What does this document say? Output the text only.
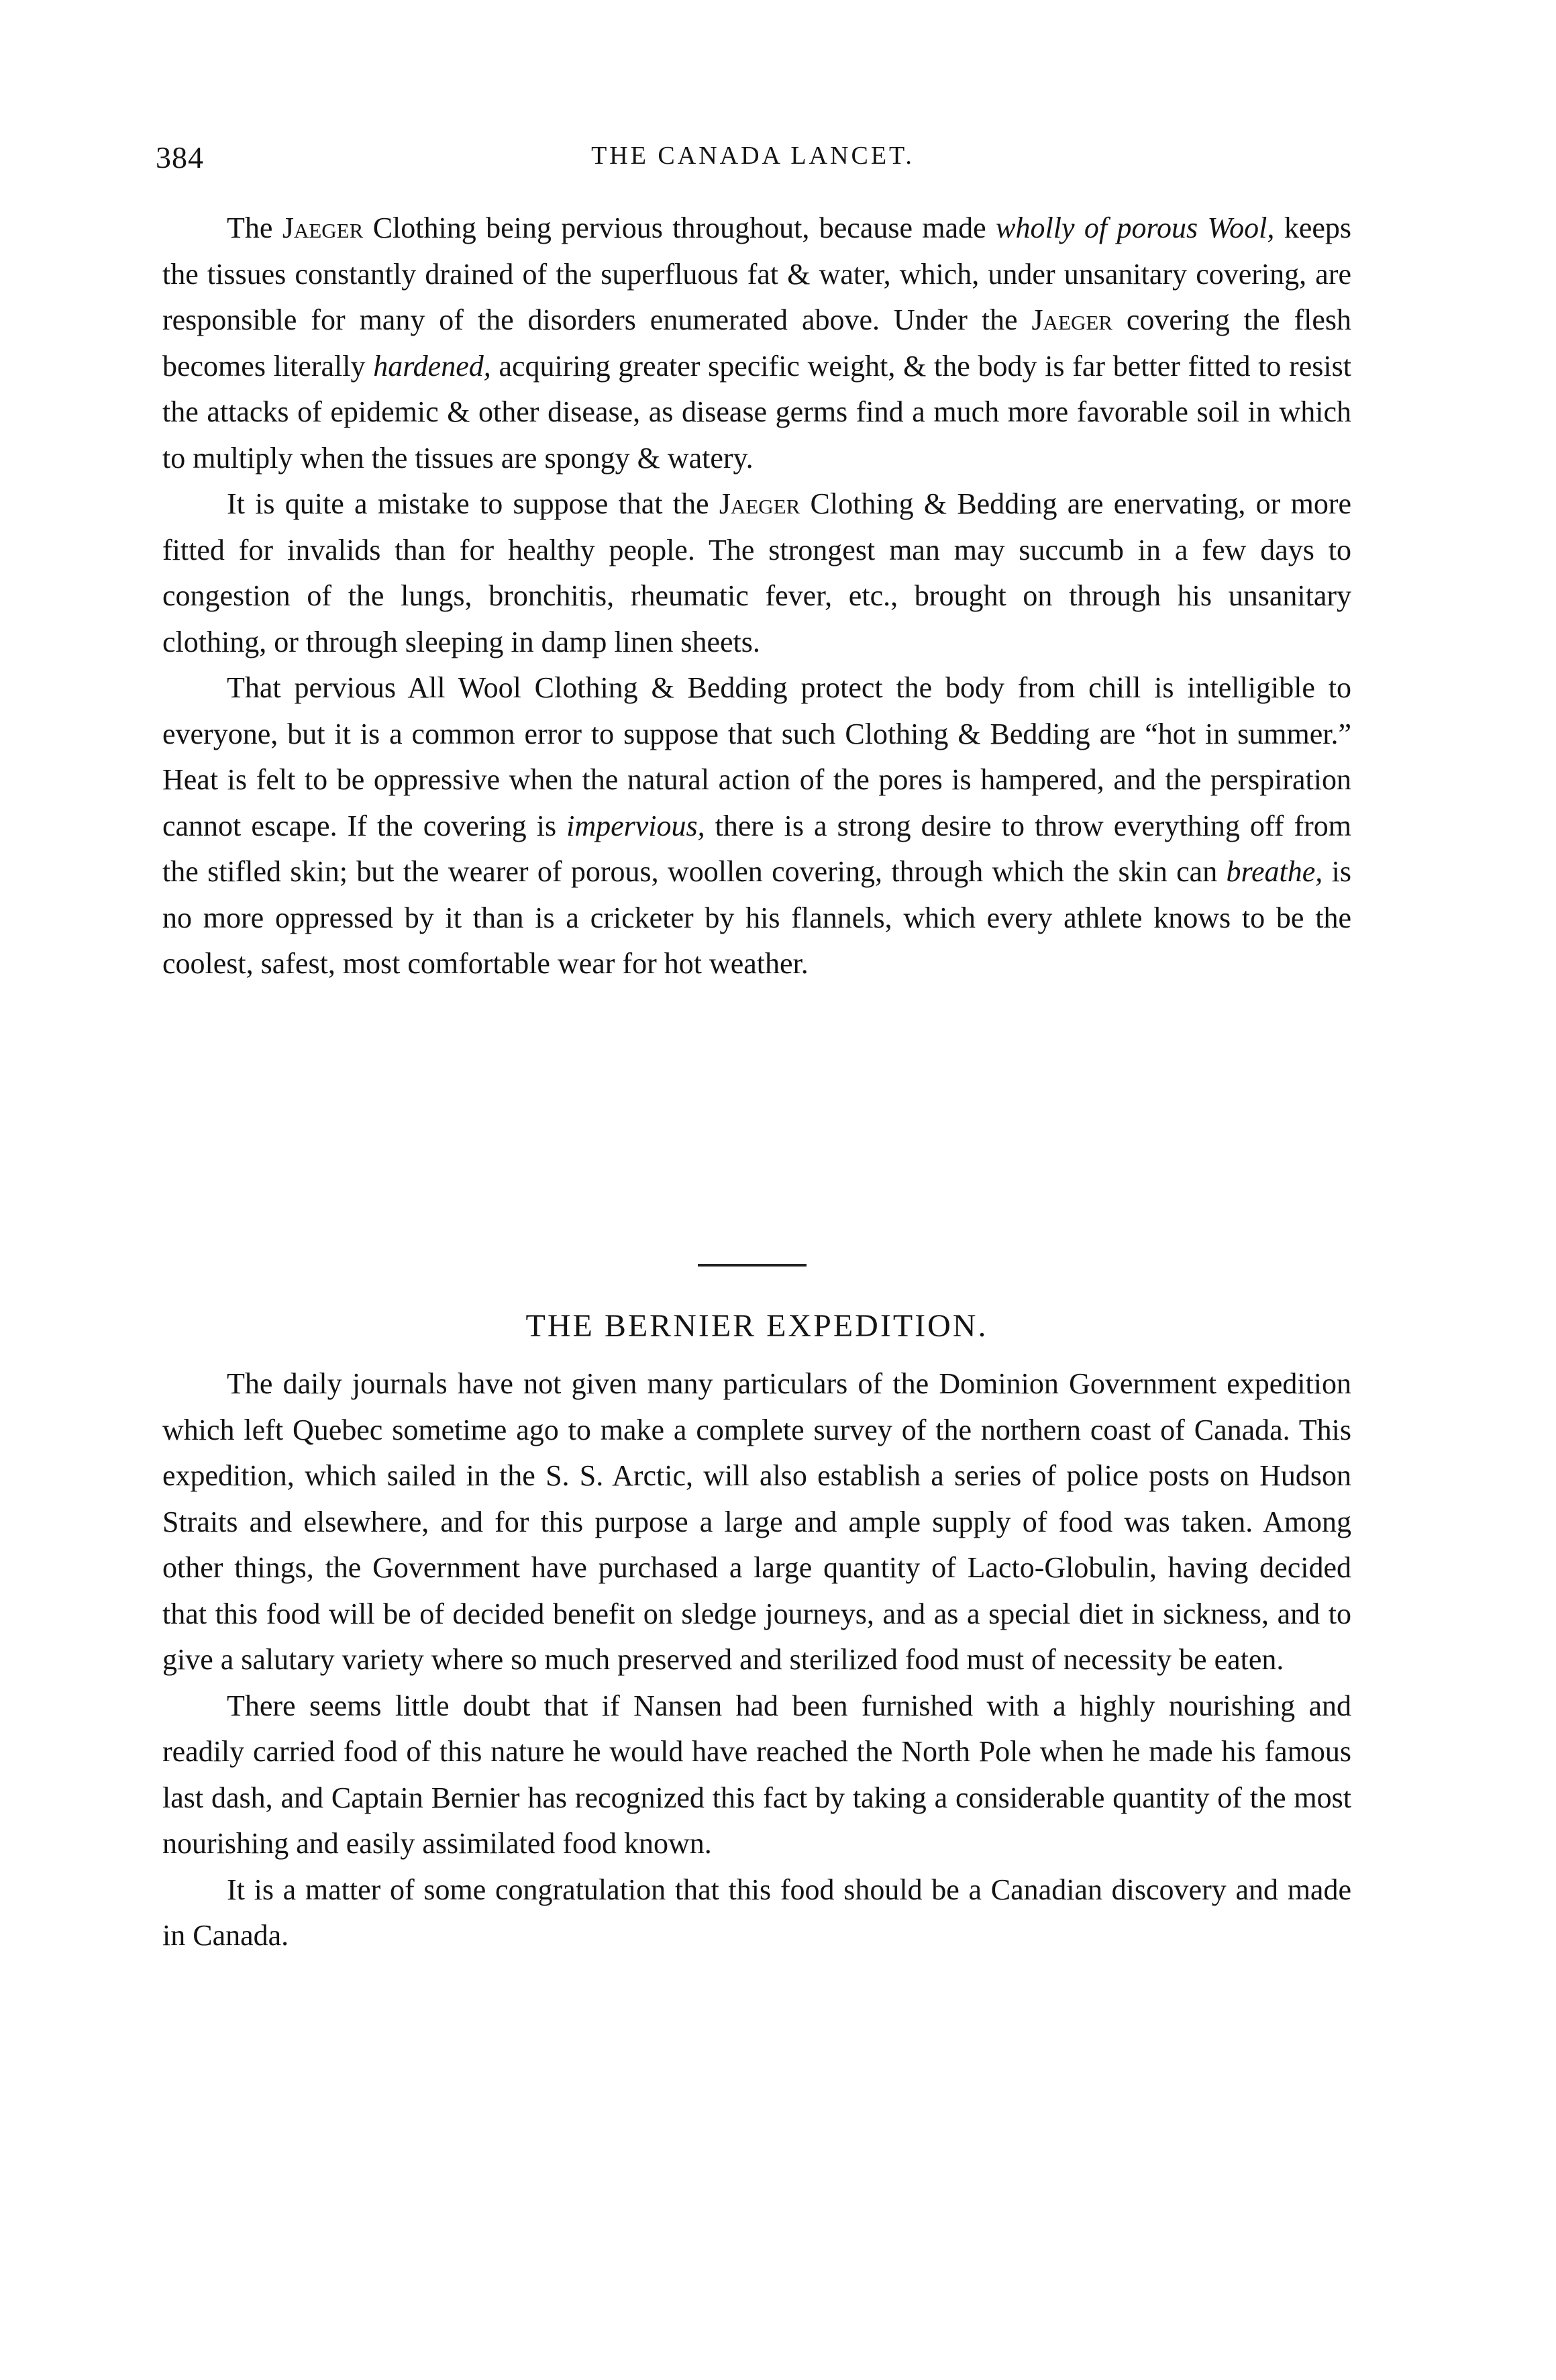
384	THE CANADA LANCET.

The Jaeger Clothing being pervious throughout, because made wholly of porous Wool, keeps the tissues constantly drained of the superfluous fat & water, which, under unsanitary covering, are responsible for many of the disorders enumerated above. Under the Jaeger covering the flesh becomes literally hardened, acquiring greater specific weight, & the body is far better fitted to resist the attacks of epidemic & other disease, as disease germs find a much more favorable soil in which to multiply when the tissues are spongy & watery.

It is quite a mistake to suppose that the Jaeger Clothing & Bedding are enervating, or more fitted for invalids than for healthy people. The strongest man may succumb in a few days to congestion of the lungs, bronchitis, rheumatic fever, etc., brought on through his unsanitary clothing, or through sleeping in damp linen sheets.

That pervious All Wool Clothing & Bedding protect the body from chill is intelligible to everyone, but it is a common error to suppose that such Clothing & Bedding are “hot in summer.” Heat is felt to be oppressive when the natural action of the pores is hampered, and the perspiration cannot escape. If the covering is impervious, there is a strong desire to throw everything off from the stifled skin; but the wearer of porous, woollen covering, through which the skin can breathe, is no more oppressed by it than is a cricketer by his flannels, which every athlete knows to be the coolest, safest, most comfortable wear for hot weather.

THE BERNIER EXPEDITION.

The daily journals have not given many particulars of the Dominion Government expedition which left Quebec sometime ago to make a complete survey of the northern coast of Canada. This expedition, which sailed in the S. S. Arctic, will also establish a series of police posts on Hudson Straits and elsewhere, and for this purpose a large and ample supply of food was taken. Among other things, the Government have purchased a large quantity of Lacto-Globulin, having decided that this food will be of decided benefit on sledge journeys, and as a special diet in sickness, and to give a salutary variety where so much preserved and sterilized food must of necessity be eaten.

There seems little doubt that if Nansen had been furnished with a highly nourishing and readily carried food of this nature he would have reached the North Pole when he made his famous last dash, and Captain Bernier has recognized this fact by taking a considerable quantity of the most nourishing and easily assimilated food known.

It is a matter of some congratulation that this food should be a Canadian discovery and made in Canada.
